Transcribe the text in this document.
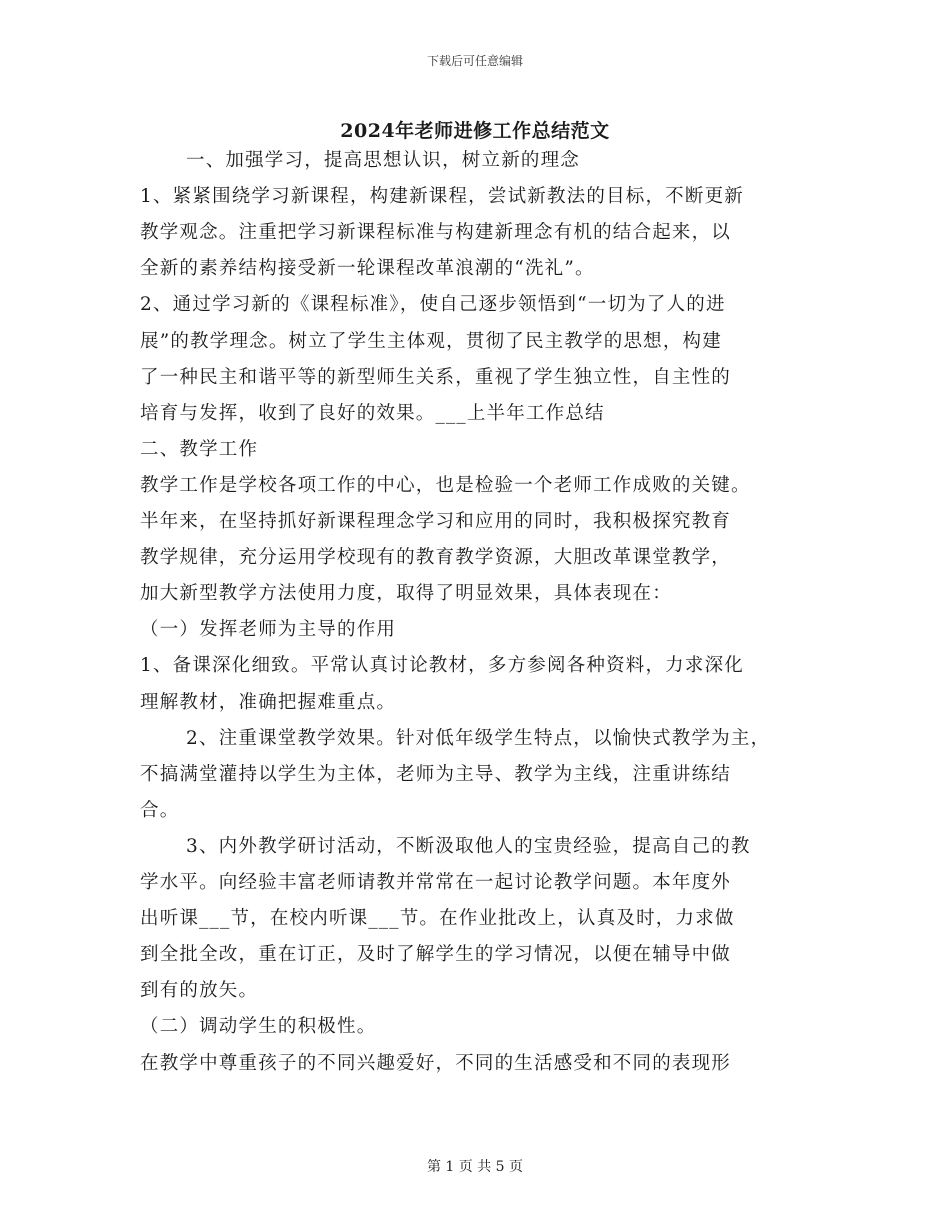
下载后可任意编辑
2024年老师进修工作总结范文
一、加强学习，提高思想认识，树立新的理念
1、紧紧围绕学习新课程，构建新课程，尝试新教法的目标，不断更新
教学观念。注重把学习新课程标准与构建新理念有机的结合起来，以
全新的素养结构接受新一轮课程改革浪潮的“洗礼”。
2、通过学习新的《课程标准》，使自己逐步领悟到“一切为了人的进
展”的教学理念。树立了学生主体观，贯彻了民主教学的思想，构建
了一种民主和谐平等的新型师生关系，重视了学生独立性，自主性的
培育与发挥，收到了良好的效果。___上半年工作总结
二、教学工作
教学工作是学校各项工作的中心，也是检验一个老师工作成败的关键。
半年来，在坚持抓好新课程理念学习和应用的同时，我积极探究教育
教学规律，充分运用学校现有的教育教学资源，大胆改革课堂教学，
加大新型教学方法使用力度，取得了明显效果，具体表现在：
（一）发挥老师为主导的作用
1、备课深化细致。平常认真讨论教材，多方参阅各种资料，力求深化
理解教材，准确把握难重点。
2、注重课堂教学效果。针对低年级学生特点，以愉快式教学为主，
不搞满堂灌持以学生为主体，老师为主导、教学为主线，注重讲练结
合。
3、内外教学研讨活动，不断汲取他人的宝贵经验，提高自己的教
学水平。向经验丰富老师请教并常常在一起讨论教学问题。本年度外
出听课___节，在校内听课___节。在作业批改上，认真及时，力求做
到全批全改，重在订正，及时了解学生的学习情况，以便在辅导中做
到有的放矢。
（二）调动学生的积极性。
在教学中尊重孩子的不同兴趣爱好，不同的生活感受和不同的表现形
第 1 页 共 5 页
